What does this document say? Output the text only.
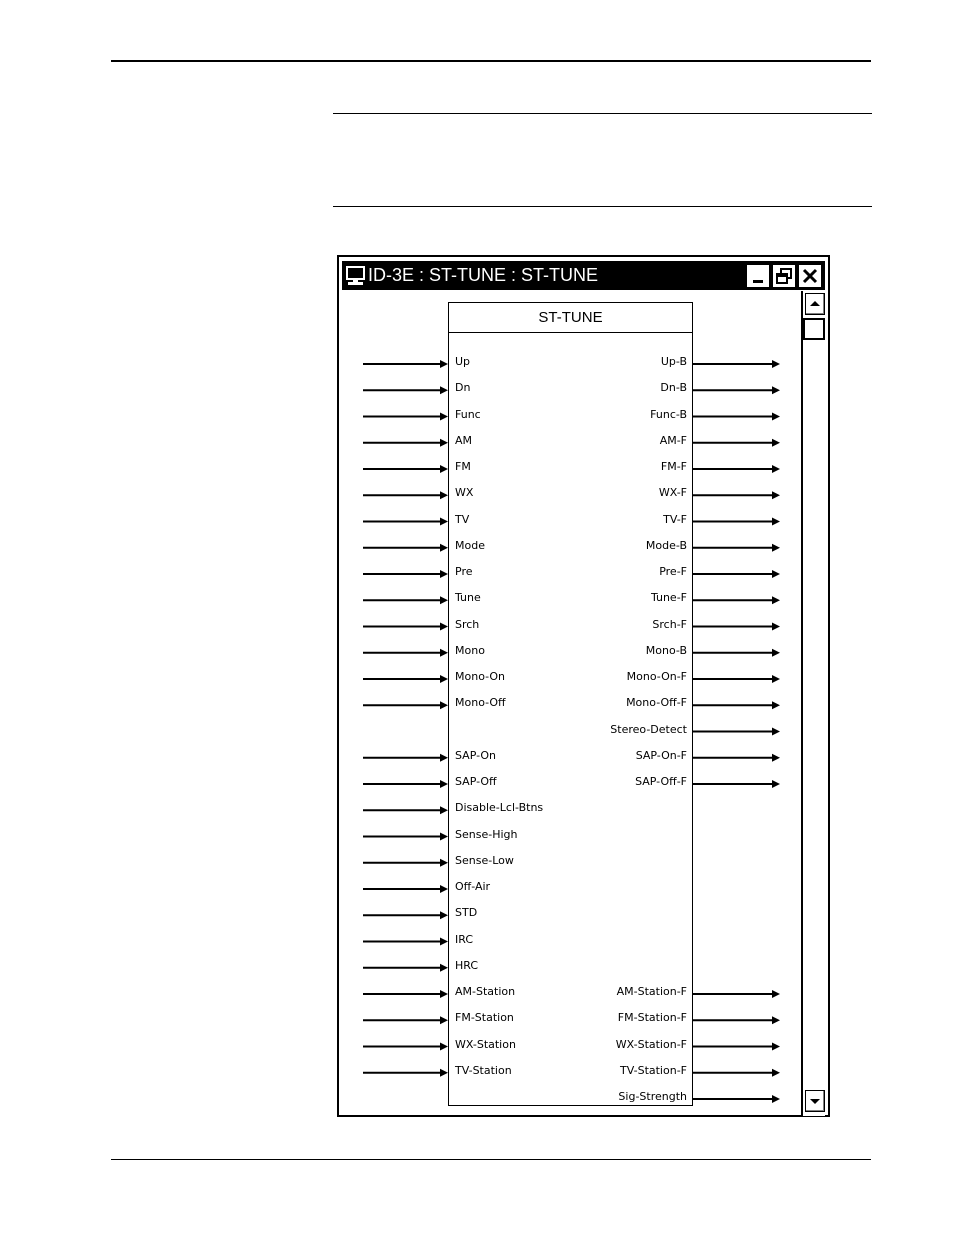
ID-3E : ST-TUNE : ST-TUNE
ST-TUNE
Up
Dn
Func
AM
FM
WX
TV
Mode
Pre
Tune
Srch
Mono
Mono-On
Mono-Off
SAP-On
SAP-Off
Disable-Lcl-Btns
Sense-High
Sense-Low
Off-Air
STD
IRC
HRC
AM-Station
FM-Station
WX-Station
TV-Station
Up-B
Dn-B
Func-B
AM-F
FM-F
WX-F
TV-F
Mode-B
Pre-F
Tune-F
Srch-F
Mono-B
Mono-On-F
Mono-Off-F
Stereo-Detect
SAP-On-F
SAP-Off-F
AM-Station-F
FM-Station-F
WX-Station-F
TV-Station-F
Sig-Strength
